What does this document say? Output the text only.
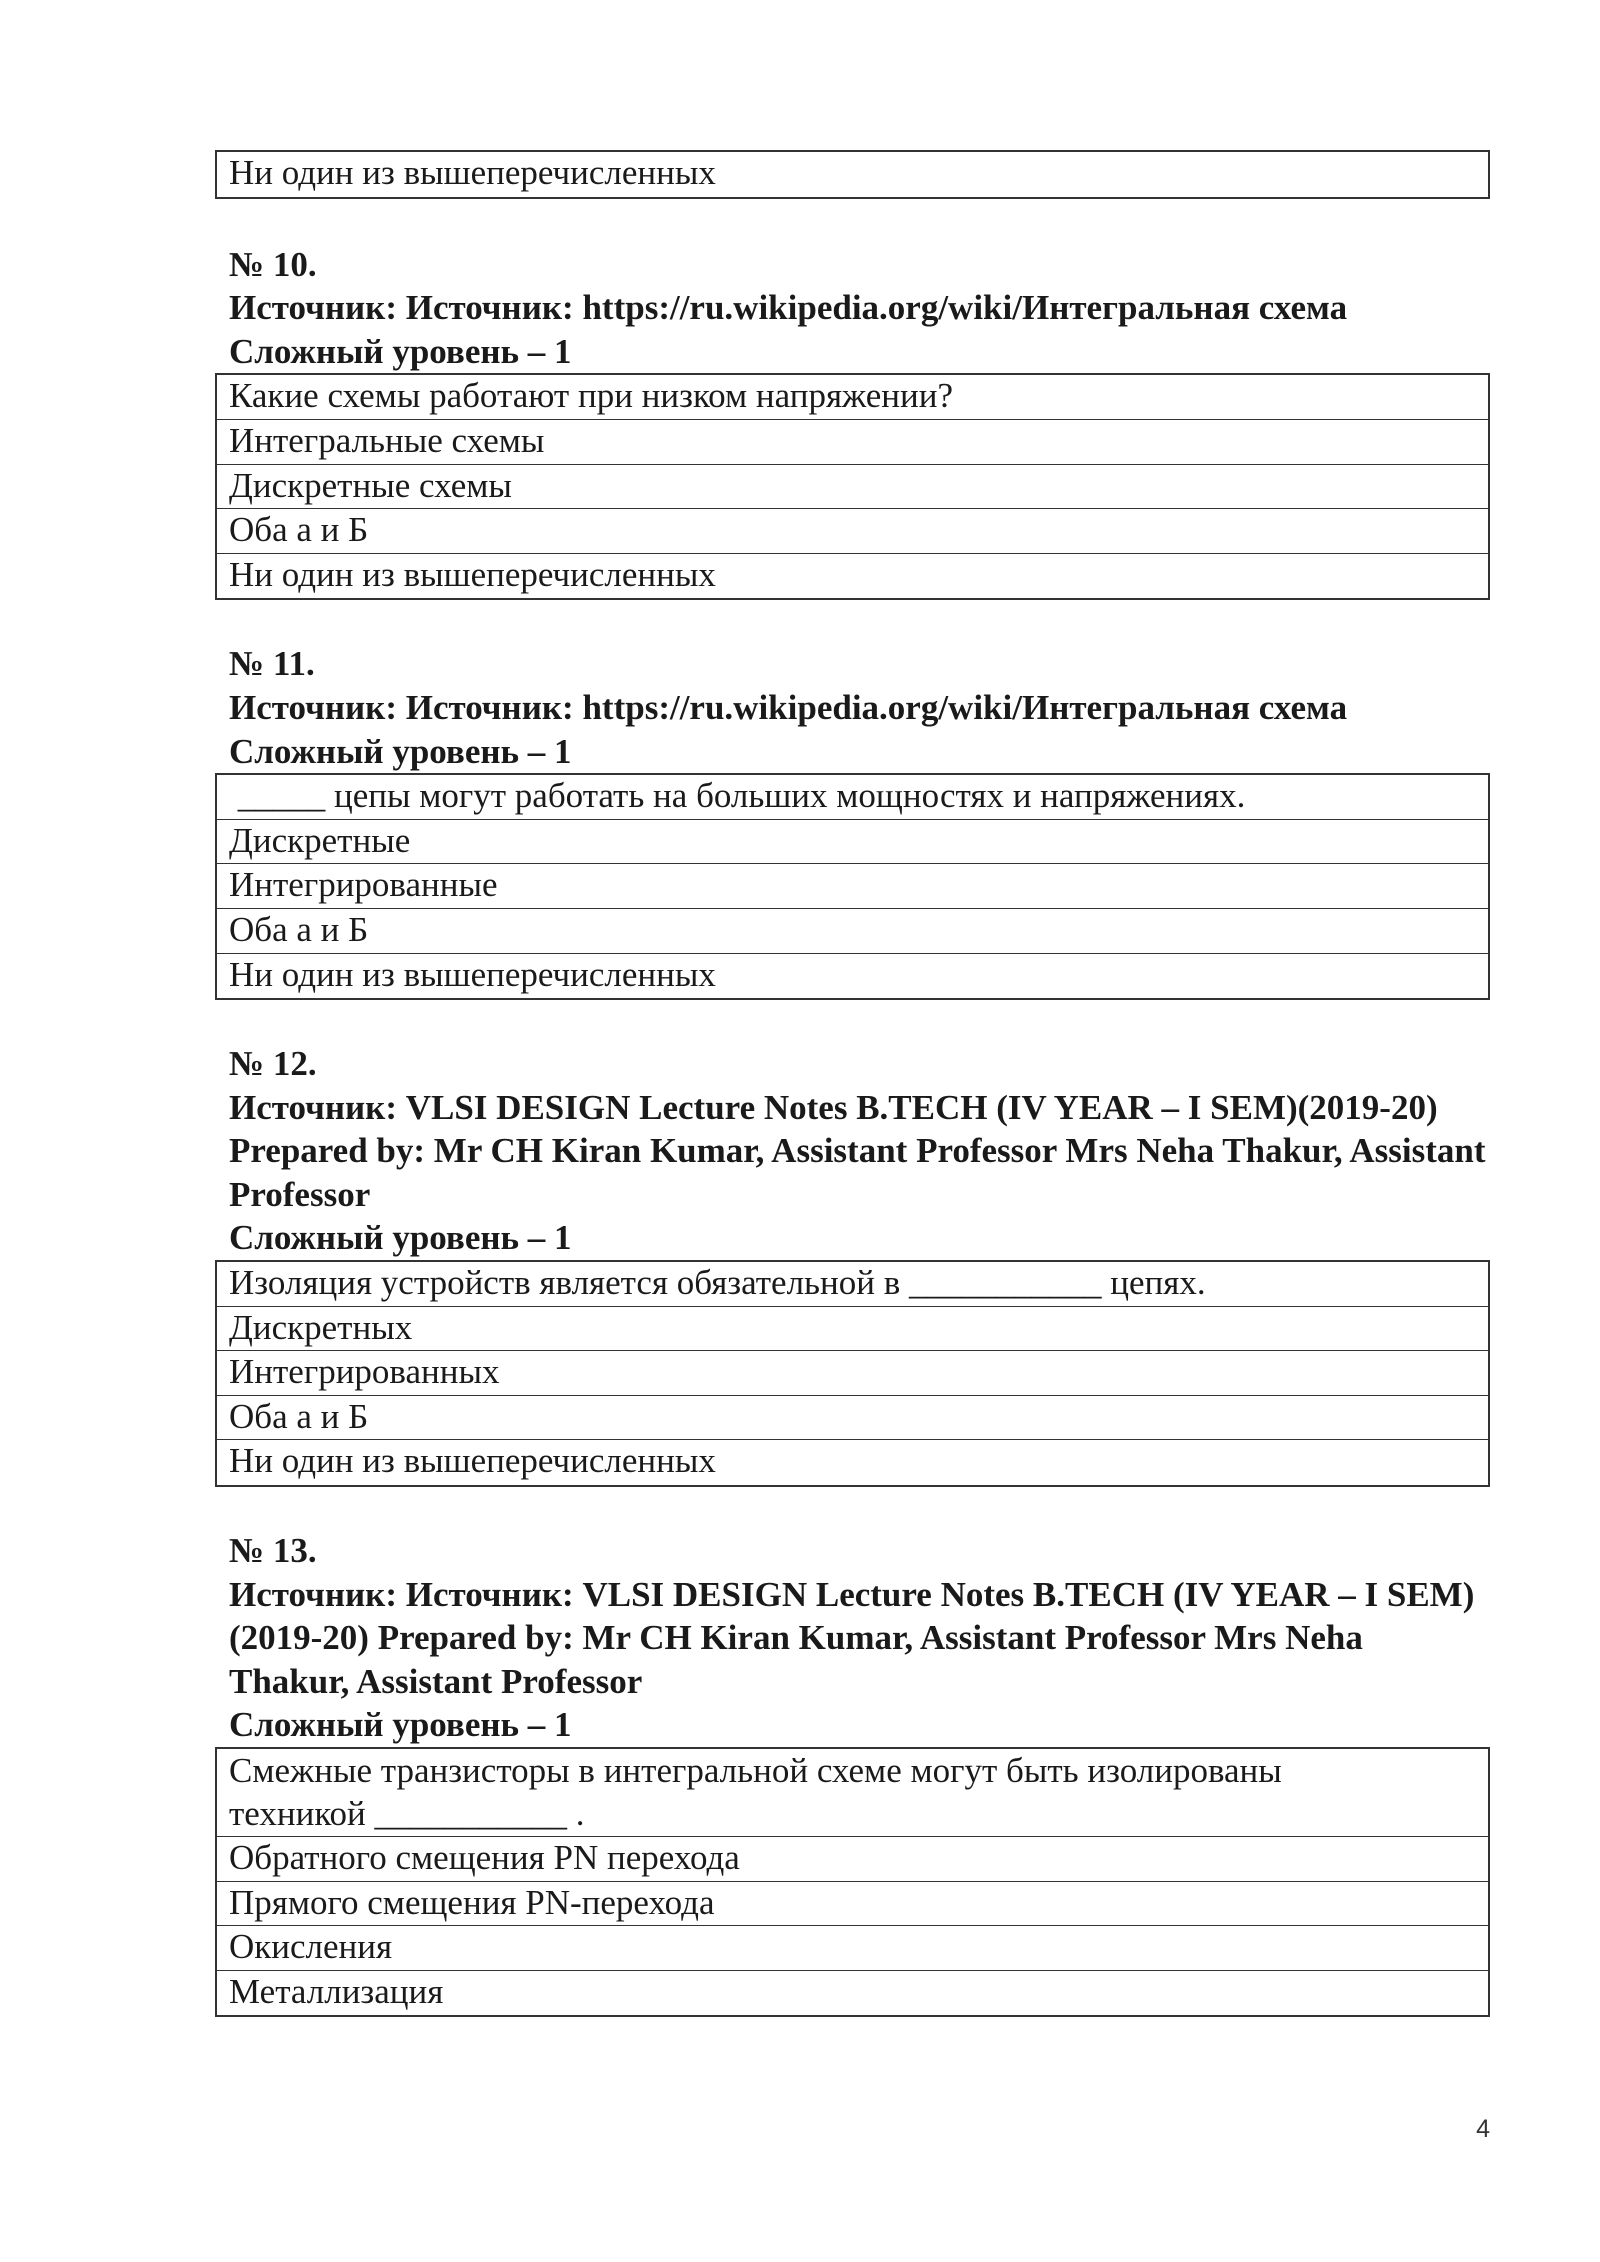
Ни один из вышеперечисленных
№ 10.
Источник: Источник: https://ru.wikipedia.org/wiki/Интегральная схема
Сложный уровень – 1
Какие схемы работают при низком напряжении?
Интегральные схемы
Дискретные схемы
Оба а и Б
Ни один из вышеперечисленных
№ 11.
Источник: Источник: https://ru.wikipedia.org/wiki/Интегральная схема
Сложный уровень – 1
_____ цепы могут работать на больших мощностях и напряжениях.
Дискретные
Интегрированные
Оба а и Б
Ни один из вышеперечисленных
№ 12.
Источник: VLSI DESIGN Lecture Notes B.TECH (IV YEAR – I SEM)(2019-20) Prepared by: Mr CH Kiran Kumar, Assistant Professor Mrs Neha Thakur, Assistant Professor
Сложный уровень – 1
Изоляция устройств является обязательной в ___________ цепях.
Дискретных
Интегрированных
Оба а и Б
Ни один из вышеперечисленных
№ 13.
Источник: Источник: VLSI DESIGN Lecture Notes B.TECH (IV YEAR – I SEM)(2019-20) Prepared by: Mr CH Kiran Kumar, Assistant Professor Mrs Neha Thakur, Assistant Professor
Сложный уровень – 1
Смежные транзисторы в интегральной схеме могут быть изолированы техникой ___________ .
Обратного смещения PN перехода
Прямого смещения PN-перехода
Окисления
Металлизация
4
